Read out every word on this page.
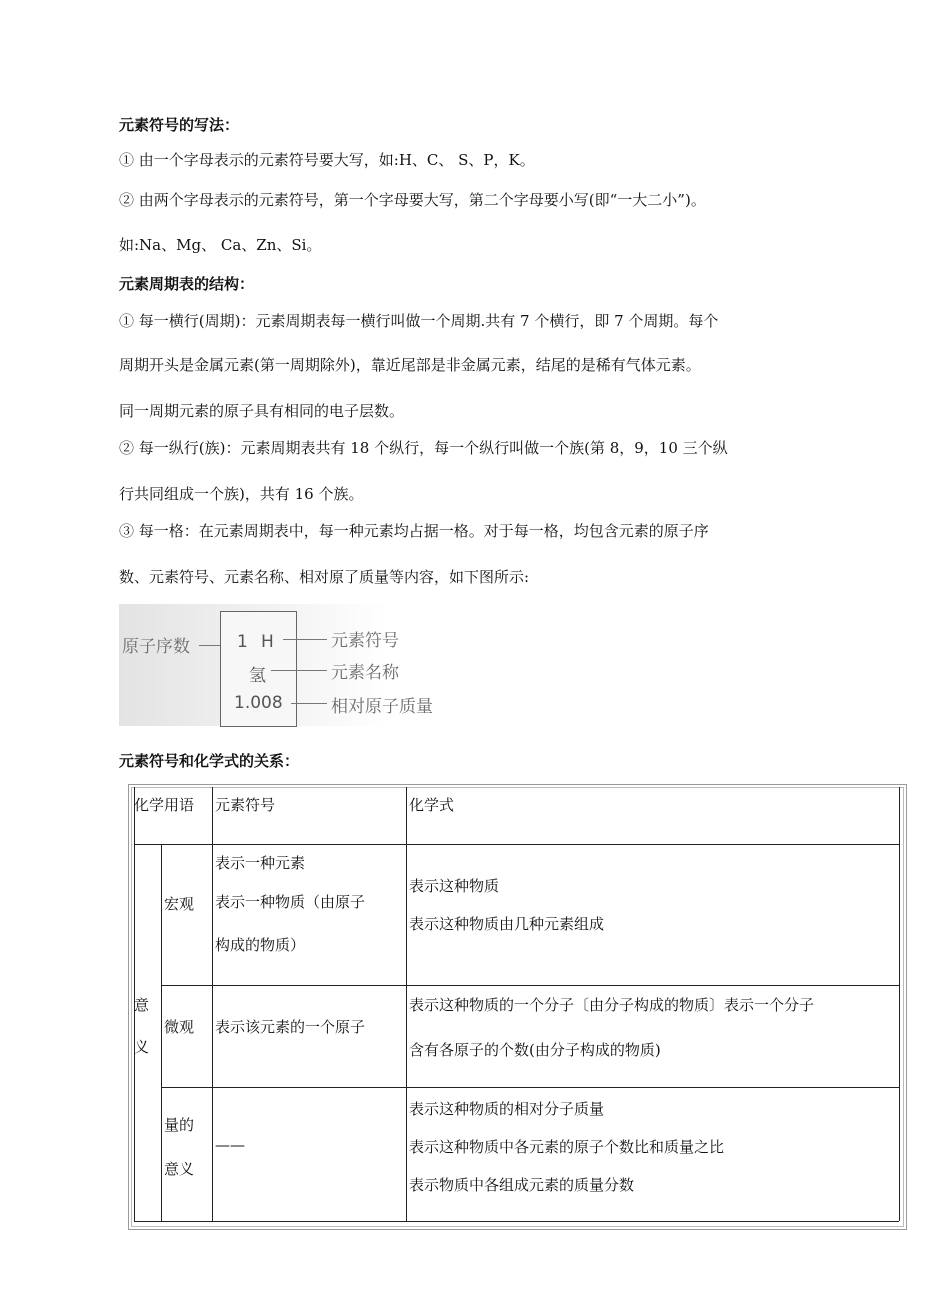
元素符号的写法：
① 由一个字母表示的元素符号要大写，如:H、C、 S、P，K。
② 由两个字母表示的元素符号，第一个字母要大写，第二个字母要小写(即“一大二小”)。
如:Na、Mg、 Ca、Zn、Si。
元素周期表的结构：
① 每一横行(周期)：元素周期表每一横行叫做一个周期.共有 7 个横行，即 7 个周期。每个
周期开头是金属元素(第一周期除外)，靠近尾部是非金属元素，结尾的是稀有气体元素。
同一周期元素的原子具有相同的电子层数。
② 每一纵行(族)：元素周期表共有 18 个纵行，每一个纵行叫做一个族(第 8，9，10 三个纵
行共同组成一个族)，共有 16 个族。
③ 每一格：在元素周期表中，每一种元素均占据一格。对于每一格，均包含元素的原子序
数、元素符号、元素名称、相对原了质量等内容，如下图所示:
原子序数	1 H
氢
1.008
元素符号
元素名称
相对原子质量
元素符号和化学式的关系：
化学用语 元素符号	化学式
意
义
宏观
表示一种元素
表示一种物质（由原子
构成的物质）
表示这种物质
表示这种物质由几种元素组成
微观 表示该元素的一个原子
表示这种物质的一个分子〔由分子构成的物质〕表示一个分子
含有各原子的个数(由分子构成的物质)
量的
意义
——
表示这种物质的相对分子质量
表示这种物质中各元素的原子个数比和质量之比
表示物质中各组成元素的质量分数
